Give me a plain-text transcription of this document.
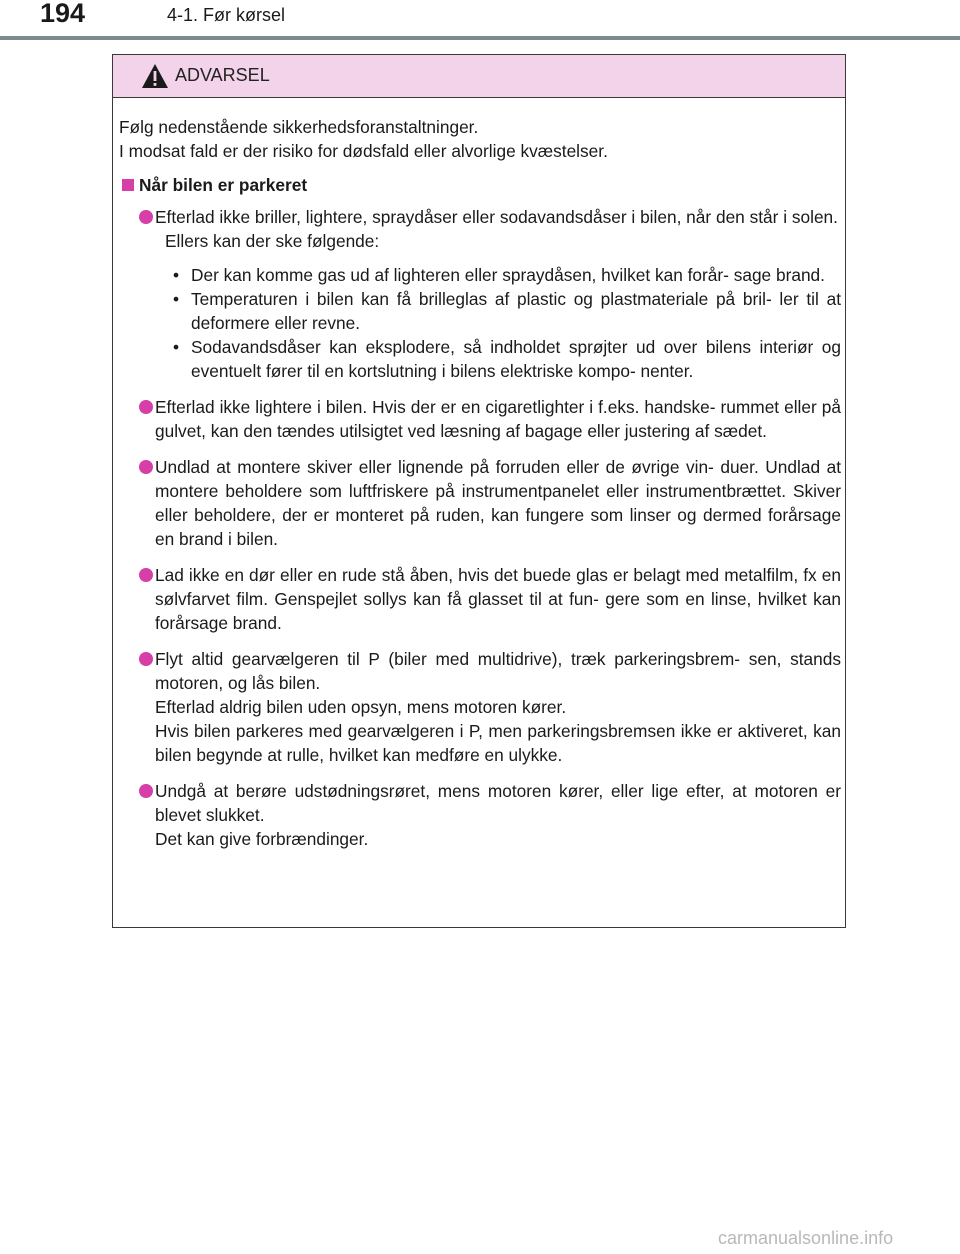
194	4-1. Før kørsel
ADVARSEL

Følg nedenstående sikkerhedsforanstaltninger.
I modsat fald er der risiko for dødsfald eller alvorlige kvæstelser.

Når bilen er parkeret

Efterlad ikke briller, lightere, spraydåser eller sodavandsdåser i bilen, når den står i solen.
Ellers kan der ske følgende:
• Der kan komme gas ud af lighteren eller spraydåsen, hvilket kan forår- sage brand.
• Temperaturen i bilen kan få brilleglas af plastic og plastmateriale på bril- ler til at deformere eller revne.
• Sodavandsdåser kan eksplodere, så indholdet sprøjter ud over bilens interiør og eventuelt fører til en kortslutning i bilens elektriske kompo- nenter.
Efterlad ikke lightere i bilen. Hvis der er en cigaretlighter i f.eks. handske- rummet eller på gulvet, kan den tændes utilsigtet ved læsning af bagage eller justering af sædet.
Undlad at montere skiver eller lignende på forruden eller de øvrige vin- duer. Undlad at montere beholdere som luftfriskere på instrumentpanelet eller instrumentbrættet. Skiver eller beholdere, der er monteret på ruden, kan fungere som linser og dermed forårsage en brand i bilen.
Lad ikke en dør eller en rude stå åben, hvis det buede glas er belagt med metalfilm, fx en sølvfarvet film. Genspejlet sollys kan få glasset til at fun- gere som en linse, hvilket kan forårsage brand.
Flyt altid gearvælgeren til P (biler med multidrive), træk parkeringsbrem- sen, stands motoren, og lås bilen.
Efterlad aldrig bilen uden opsyn, mens motoren kører.
Hvis bilen parkeres med gearvælgeren i P, men parkeringsbremsen ikke er aktiveret, kan bilen begynde at rulle, hvilket kan medføre en ulykke.
Undgå at berøre udstødningsrøret, mens motoren kører, eller lige efter, at motoren er blevet slukket.
Det kan give forbrændinger.
carmanualsonline.info
